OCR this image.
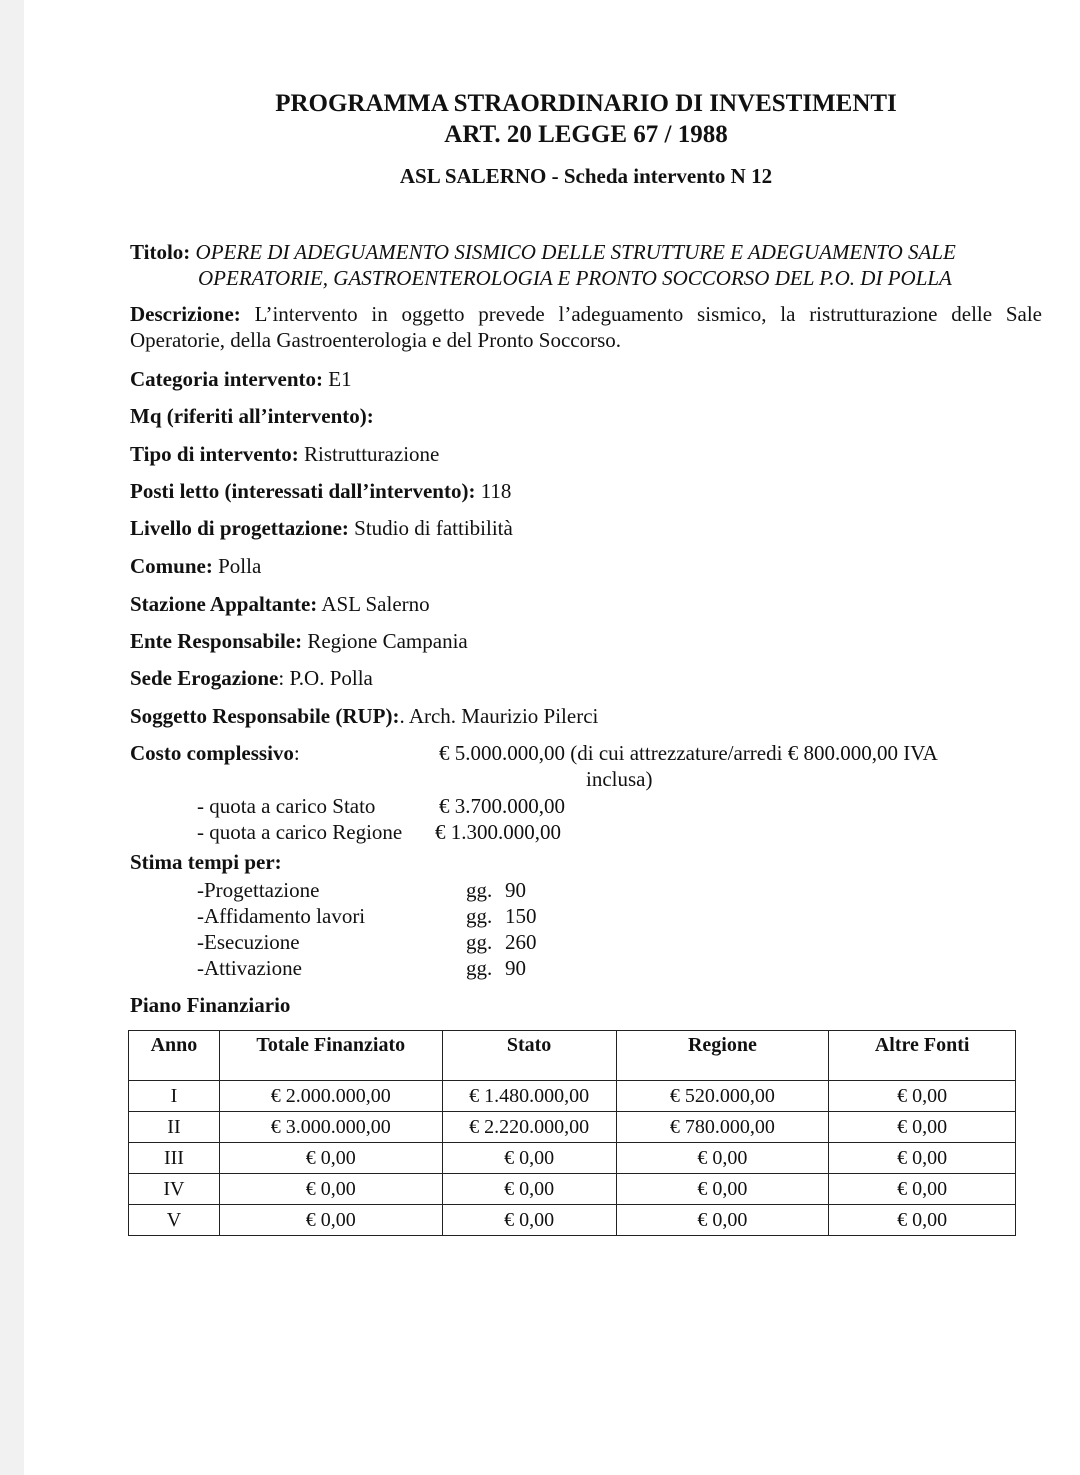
PROGRAMMA STRAORDINARIO DI INVESTIMENTI
ART. 20 LEGGE 67 / 1988
ASL SALERNO - Scheda intervento N 12
Titolo: OPERE DI ADEGUAMENTO SISMICO DELLE STRUTTURE E ADEGUAMENTO SALE
OPERATORIE, GASTROENTEROLOGIA E PRONTO SOCCORSO DEL P.O. DI POLLA
Descrizione: L’intervento in oggetto prevede l’adeguamento sismico, la ristrutturazione delle Sale Operatorie, della Gastroenterologia e del Pronto Soccorso.
Categoria intervento: E1
Mq (riferiti all’intervento):
Tipo di intervento: Ristrutturazione
Posti letto (interessati dall’intervento): 118
Livello di progettazione: Studio di fattibilità
Comune: Polla
Stazione Appaltante: ASL Salerno
Ente Responsabile: Regione Campania
Sede Erogazione: P.O. Polla
Soggetto Responsabile (RUP):. Arch. Maurizio Pilerci
Costo complessivo:	€ 5.000.000,00 (di cui attrezzature/arredi € 800.000,00 IVA
inclusa)
- quota a carico Stato	€ 3.700.000,00
- quota a carico Regione € 1.300.000,00
Stima tempi per:
-Progettazione	gg. 90
-Affidamento lavori	gg. 150
-Esecuzione	gg. 260
-Attivazione	gg. 90
Piano Finanziario
Anno	Totale Finanziato	Stato	Regione	Altre Fonti
I	€ 2.000.000,00	€ 1.480.000,00	€ 520.000,00	€ 0,00
II	€ 3.000.000,00	€ 2.220.000,00	€ 780.000,00	€ 0,00
III	€ 0,00	€ 0,00	€ 0,00	€ 0,00
IV	€ 0,00	€ 0,00	€ 0,00	€ 0,00
V	€ 0,00	€ 0,00	€ 0,00	€ 0,00
